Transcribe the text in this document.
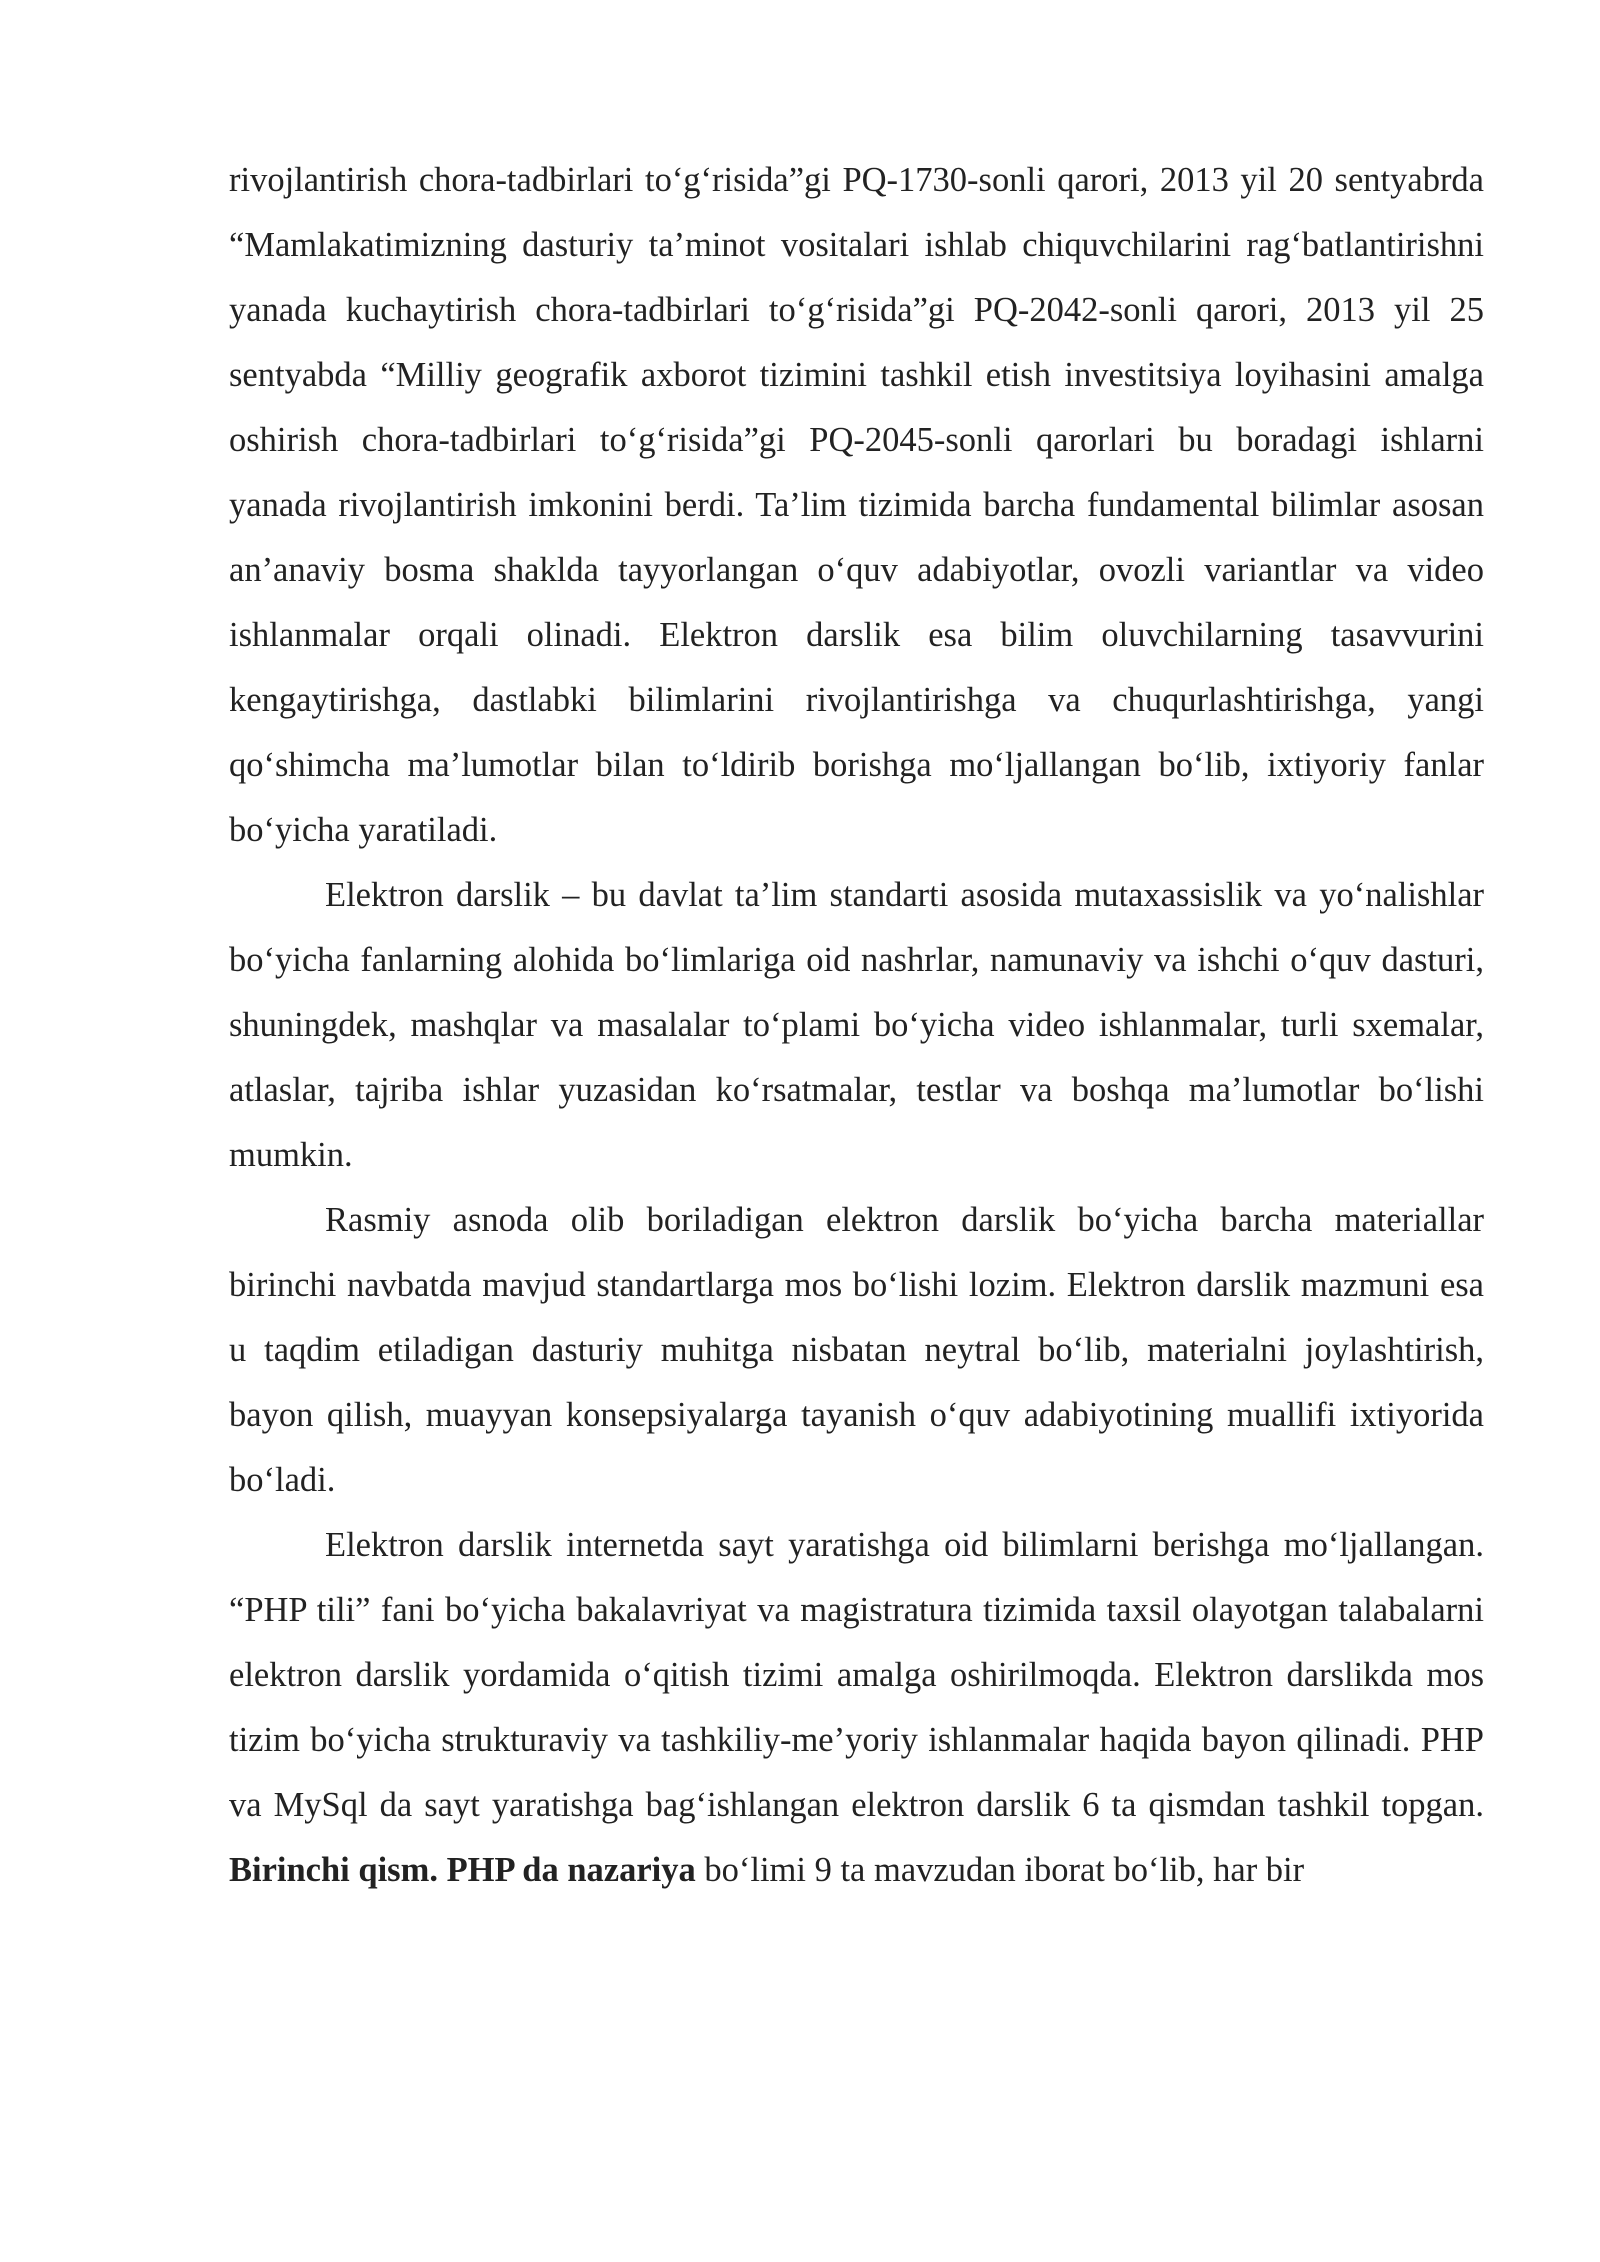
rivojlantirish chora-tadbirlari to‘g‘risida”gi PQ-1730-sonli qarori, 2013 yil 20 sentyabrda “Mamlakatimizning dasturiy ta’minot vositalari ishlab chiquvchilarini rag‘batlantirishni yanada kuchaytirish chora-tadbirlari to‘g‘risida”gi PQ-2042-sonli qarori, 2013 yil 25 sentyabda “Milliy geografik axborot tizimini tashkil etish investitsiya loyihasini amalga oshirish chora-tadbirlari to‘g‘risida”gi PQ-2045-sonli qarorlari bu boradagi ishlarni yanada rivojlantirish imkonini berdi. Ta’lim tizimida barcha fundamental bilimlar asosan an’anaviy bosma shaklda tayyorlangan o‘quv adabiyotlar, ovozli variantlar va video ishlanmalar orqali olinadi. Elektron darslik esa bilim oluvchilarning tasavvurini kengaytirishga, dastlabki bilimlarini rivojlantirishga va chuqurlashtirishga, yangi qo‘shimcha ma’lumotlar bilan to‘ldirib borishga mo‘ljallangan bo‘lib, ixtiyoriy fanlar bo‘yicha yaratiladi.

Elektron darslik – bu davlat ta’lim standarti asosida mutaxassislik va yo‘nalishlar bo‘yicha fanlarning alohida bo‘limlariga oid nashrlar, namunaviy va ishchi o‘quv dasturi, shuningdek, mashqlar va masalalar to‘plami bo‘yicha video ishlanmalar, turli sxemalar, atlaslar, tajriba ishlar yuzasidan ko‘rsatmalar, testlar va boshqa ma’lumotlar bo‘lishi mumkin.

Rasmiy asnoda olib boriladigan elektron darslik bo‘yicha barcha materiallar birinchi navbatda mavjud standartlarga mos bo‘lishi lozim. Elektron darslik mazmuni esa u taqdim etiladigan dasturiy muhitga nisbatan neytral bo‘lib, materialni joylashtirish, bayon qilish, muayyan konsepsiyalarga tayanish o‘quv adabiyotining muallifi ixtiyorida bo‘ladi.

Elektron darslik internetda sayt yaratishga oid bilimlarni berishga mo‘ljallangan. “PHP tili” fani bo‘yicha bakalavriyat va magistratura tizimida taxsil olayotgan talabalarni elektron darslik yordamida o‘qitish tizimi amalga oshirilmoqda. Elektron darslikda mos tizim bo‘yicha strukturaviy va tashkiliy-me’yoriy ishlanmalar haqida bayon qilinadi. PHP va MySql da sayt yaratishga bag‘ishlangan elektron darslik 6 ta qismdan tashkil topgan. Birinchi qism. PHP da nazariya bo‘limi 9 ta mavzudan iborat bo‘lib, har bir
